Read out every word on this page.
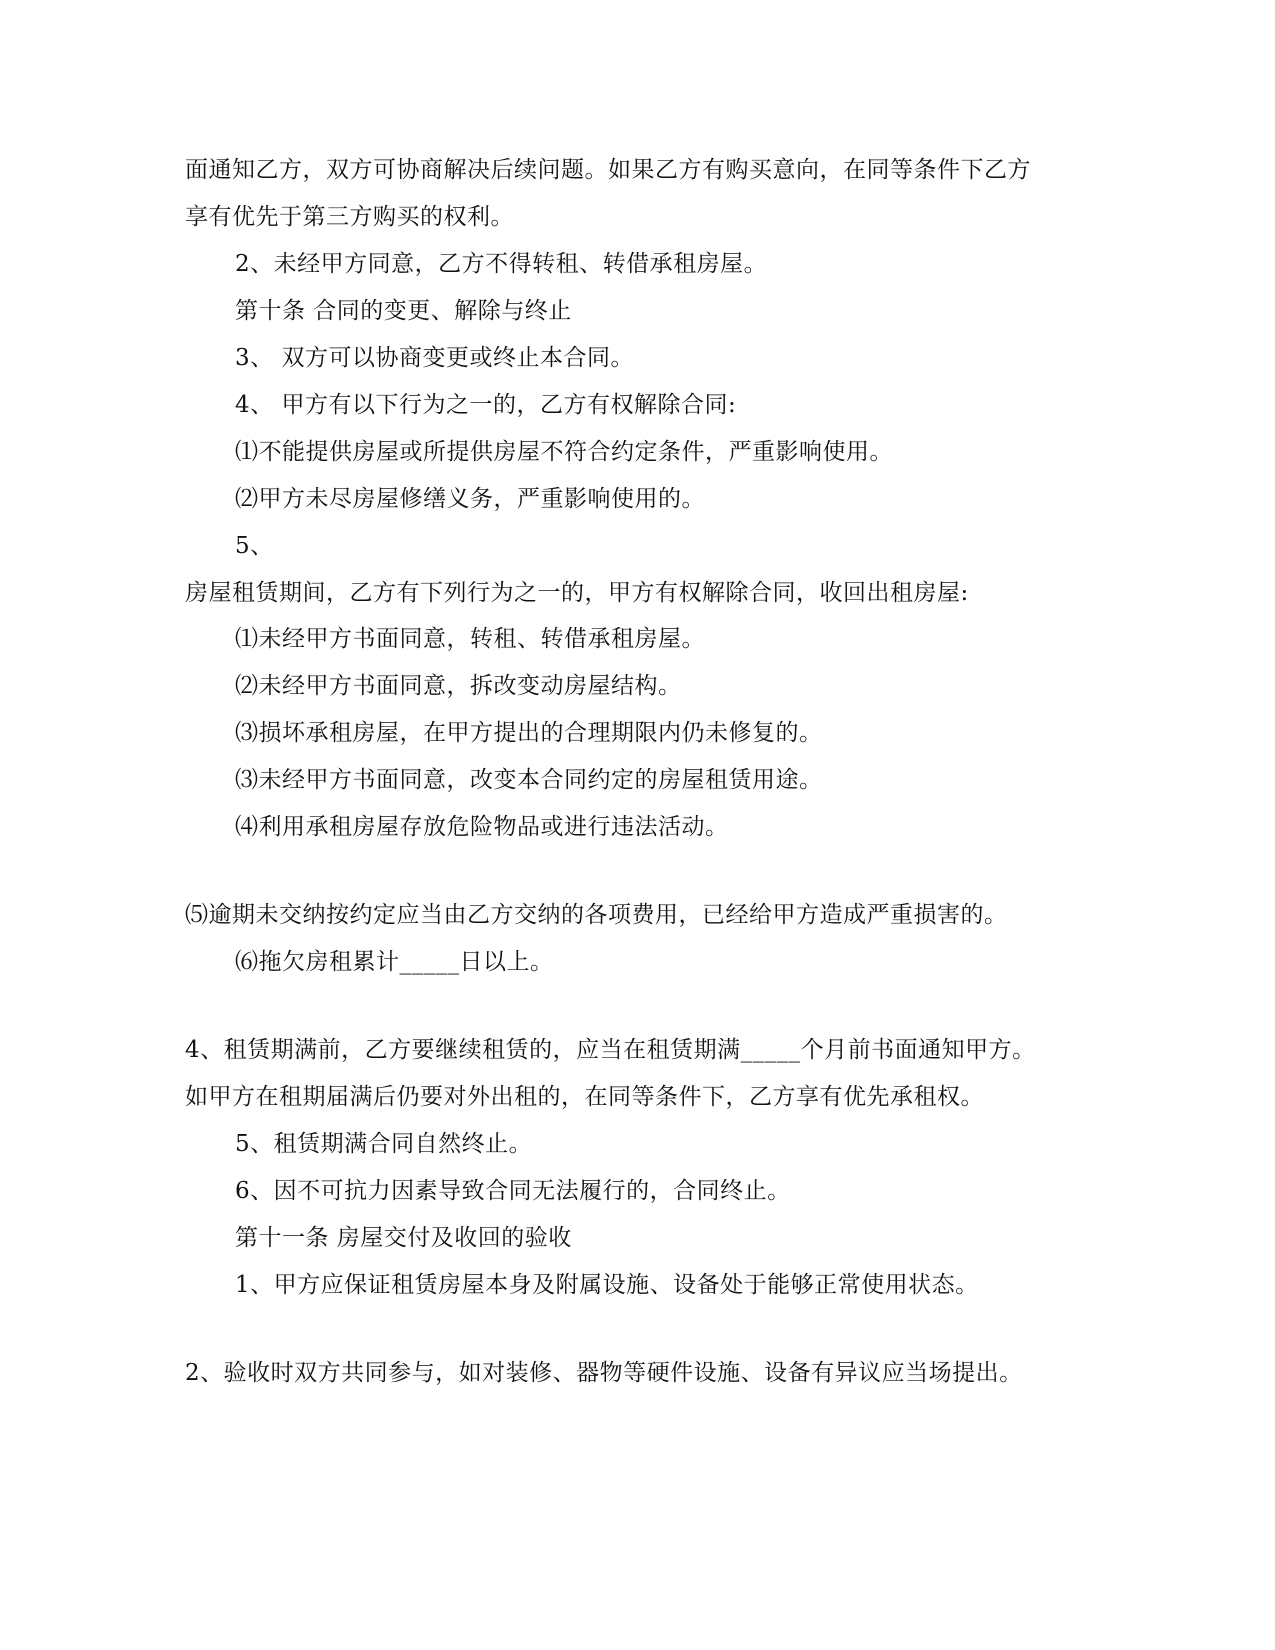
面通知乙方，双方可协商解决后续问题。如果乙方有购买意向，在同等条件下乙方
享有优先于第三方购买的权利。
2、未经甲方同意，乙方不得转租、转借承租房屋。
第十条 合同的变更、解除与终止
3、 双方可以协商变更或终止本合同。
4、 甲方有以下行为之一的，乙方有权解除合同:
⑴不能提供房屋或所提供房屋不符合约定条件，严重影响使用。
⑵甲方未尽房屋修缮义务，严重影响使用的。
5、
房屋租赁期间，乙方有下列行为之一的，甲方有权解除合同，收回出租房屋:
⑴未经甲方书面同意，转租、转借承租房屋。
⑵未经甲方书面同意，拆改变动房屋结构。
⑶损坏承租房屋，在甲方提出的合理期限内仍未修复的。
⑶未经甲方书面同意，改变本合同约定的房屋租赁用途。
⑷利用承租房屋存放危险物品或进行违法活动。
⑸逾期未交纳按约定应当由乙方交纳的各项费用，已经给甲方造成严重损害的。
⑹拖欠房租累计_____日以上。
4、租赁期满前，乙方要继续租赁的，应当在租赁期满_____个月前书面通知甲方。
如甲方在租期届满后仍要对外出租的，在同等条件下，乙方享有优先承租权。
5、租赁期满合同自然终止。
6、因不可抗力因素导致合同无法履行的，合同终止。
第十一条 房屋交付及收回的验收
1、甲方应保证租赁房屋本身及附属设施、设备处于能够正常使用状态。
2、验收时双方共同参与，如对装修、器物等硬件设施、设备有异议应当场提出。
